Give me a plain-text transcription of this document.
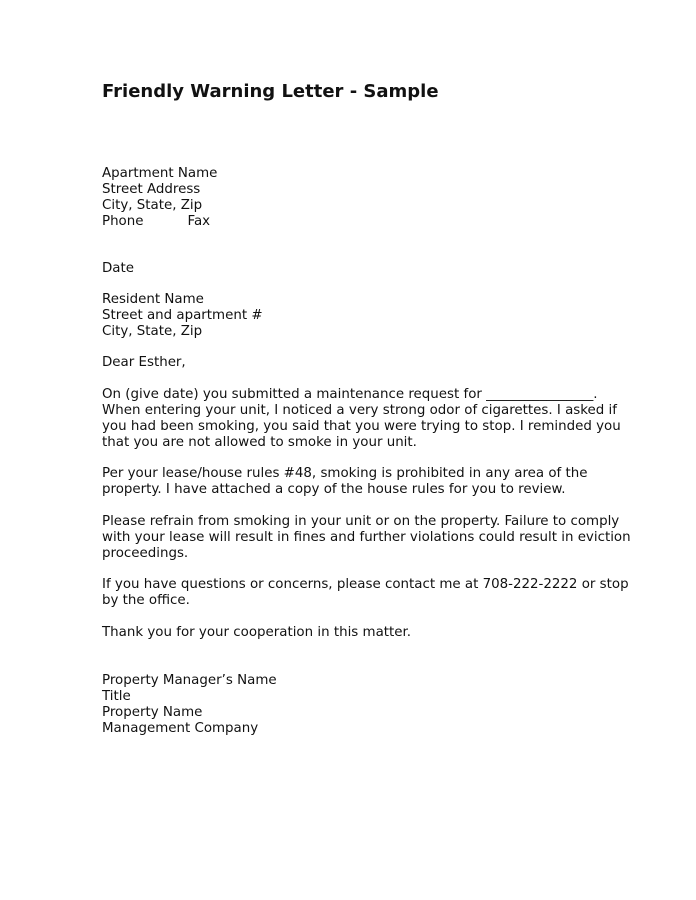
Friendly Warning Letter - Sample
Apartment Name
Street Address
City, State, Zip
Phone	Fax
Date
Resident Name
Street and apartment #
City, State, Zip
Dear Esther,
On (give date) you submitted a maintenance request for ________________.
When entering your unit, I noticed a very strong odor of cigarettes. I asked if
you had been smoking, you said that you were trying to stop. I reminded you
that you are not allowed to smoke in your unit.
Per your lease/house rules #48, smoking is prohibited in any area of the
property. I have attached a copy of the house rules for you to review.
Please refrain from smoking in your unit or on the property. Failure to comply
with your lease will result in fines and further violations could result in eviction
proceedings.
If you have questions or concerns, please contact me at 708-222-2222 or stop
by the office.
Thank you for your cooperation in this matter.
Property Manager’s Name
Title
Property Name
Management Company
